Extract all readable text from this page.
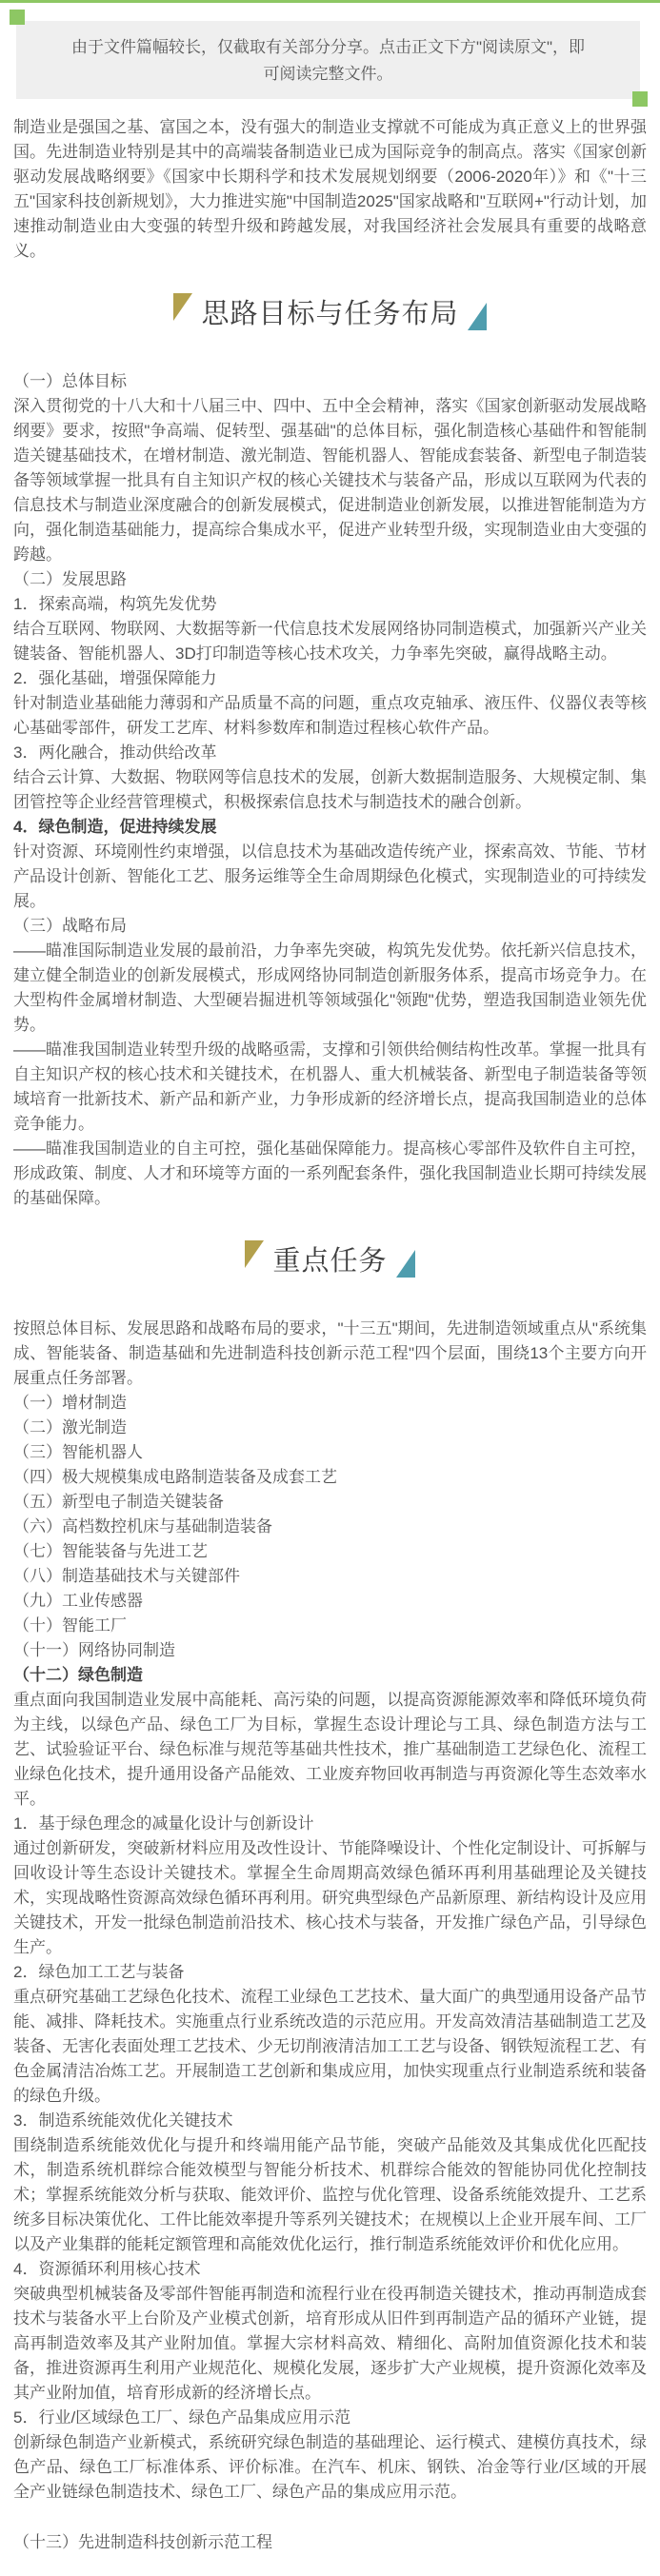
由于文件篇幅较长，仅截取有关部分分享。点击正文下方"阅读原文"，即可阅读完整文件。

制造业是强国之基、富国之本，没有强大的制造业支撑就不可能成为真正意义上的世界强国。先进制造业特别是其中的高端装备制造业已成为国际竞争的制高点。落实《国家创新驱动发展战略纲要》《国家中长期科学和技术发展规划纲要（2006-2020年）》和《"十三五"国家科技创新规划》，大力推进实施"中国制造2025"国家战略和"互联网+"行动计划，加速推动制造业由大变强的转型升级和跨越发展，对我国经济社会发展具有重要的战略意义。

思路目标与任务布局

（一）总体目标

深入贯彻党的十八大和十八届三中、四中、五中全会精神，落实《国家创新驱动发展战略纲要》要求，按照"争高端、促转型、强基础"的总体目标，强化制造核心基础件和智能制造关键基础技术，在增材制造、激光制造、智能机器人、智能成套装备、新型电子制造装备等领域掌握一批具有自主知识产权的核心关键技术与装备产品，形成以互联网为代表的信息技术与制造业深度融合的创新发展模式，促进制造业创新发展，以推进智能制造为方向，强化制造基础能力，提高综合集成水平，促进产业转型升级，实现制造业由大变强的跨越。

（二）发展思路

1．探索高端，构筑先发优势

结合互联网、物联网、大数据等新一代信息技术发展网络协同制造模式，加强新兴产业关键装备、智能机器人、3D打印制造等核心技术攻关，力争率先突破，赢得战略主动。

2．强化基础，增强保障能力

针对制造业基础能力薄弱和产品质量不高的问题，重点攻克轴承、液压件、仪器仪表等核心基础零部件，研发工艺库、材料参数库和制造过程核心软件产品。

3．两化融合，推动供给改革

结合云计算、大数据、物联网等信息技术的发展，创新大数据制造服务、大规模定制、集团管控等企业经营管理模式，积极探索信息技术与制造技术的融合创新。

4．绿色制造，促进持续发展

针对资源、环境刚性约束增强，以信息技术为基础改造传统产业，探索高效、节能、节材产品设计创新、智能化工艺、服务运维等全生命周期绿色化模式，实现制造业的可持续发展。

（三）战略布局

——瞄准国际制造业发展的最前沿，力争率先突破，构筑先发优势。依托新兴信息技术，建立健全制造业的创新发展模式，形成网络协同制造创新服务体系，提高市场竞争力。在大型构件金属增材制造、大型硬岩掘进机等领域强化"领跑"优势，塑造我国制造业领先优势。

——瞄准我国制造业转型升级的战略亟需，支撑和引领供给侧结构性改革。掌握一批具有自主知识产权的核心技术和关键技术，在机器人、重大机械装备、新型电子制造装备等领域培育一批新技术、新产品和新产业，力争形成新的经济增长点，提高我国制造业的总体竞争能力。

——瞄准我国制造业的自主可控，强化基础保障能力。提高核心零部件及软件自主可控，形成政策、制度、人才和环境等方面的一系列配套条件，强化我国制造业长期可持续发展的基础保障。

重点任务

按照总体目标、发展思路和战略布局的要求，"十三五"期间，先进制造领域重点从"系统集成、智能装备、制造基础和先进制造科技创新示范工程"四个层面，围绕13个主要方向开展重点任务部署。

（一）增材制造

（二）激光制造

（三）智能机器人

（四）极大规模集成电路制造装备及成套工艺

（五）新型电子制造关键装备

（六）高档数控机床与基础制造装备

（七）智能装备与先进工艺

（八）制造基础技术与关键部件

（九）工业传感器

（十）智能工厂

（十一）网络协同制造

（十二）绿色制造

重点面向我国制造业发展中高能耗、高污染的问题，以提高资源能源效率和降低环境负荷为主线，以绿色产品、绿色工厂为目标，掌握生态设计理论与工具、绿色制造方法与工艺、试验验证平台、绿色标准与规范等基础共性技术，推广基础制造工艺绿色化、流程工业绿色化技术，提升通用设备产品能效、工业废弃物回收再制造与再资源化等生态效率水平。

1．基于绿色理念的减量化设计与创新设计

通过创新研发，突破新材料应用及改性设计、节能降噪设计、个性化定制设计、可拆解与回收设计等生态设计关键技术。掌握全生命周期高效绿色循环再利用基础理论及关键技术，实现战略性资源高效绿色循环再利用。研究典型绿色产品新原理、新结构设计及应用关键技术，开发一批绿色制造前沿技术、核心技术与装备，开发推广绿色产品，引导绿色生产。

2．绿色加工工艺与装备

重点研究基础工艺绿色化技术、流程工业绿色工艺技术、量大面广的典型通用设备产品节能、减排、降耗技术。实施重点行业系统改造的示范应用。开发高效清洁基础制造工艺及装备、无害化表面处理工艺技术、少无切削液清洁加工工艺与设备、钢铁短流程工艺、有色金属清洁冶炼工艺。开展制造工艺创新和集成应用，加快实现重点行业制造系统和装备的绿色升级。

3．制造系统能效优化关键技术

围绕制造系统能效优化与提升和终端用能产品节能，突破产品能效及其集成优化匹配技术，制造系统机群综合能效模型与智能分析技术、机群综合能效的智能协同优化控制技术；掌握系统能效分析与获取、能效评价、监控与优化管理、设备系统能效提升、工艺系统多目标决策优化、工件比能效率提升等系列关键技术；在规模以上企业开展车间、工厂以及产业集群的能耗定额管理和高能效优化运行，推行制造系统能效评价和优化应用。

4．资源循环利用核心技术

突破典型机械装备及零部件智能再制造和流程行业在役再制造关键技术，推动再制造成套技术与装备水平上台阶及产业模式创新，培育形成从旧件到再制造产品的循环产业链，提高再制造效率及其产业附加值。掌握大宗材料高效、精细化、高附加值资源化技术和装备，推进资源再生利用产业规范化、规模化发展，逐步扩大产业规模，提升资源化效率及其产业附加值，培育形成新的经济增长点。

5．行业/区域绿色工厂、绿色产品集成应用示范

创新绿色制造产业新模式，系统研究绿色制造的基础理论、运行模式、建模仿真技术，绿色产品、绿色工厂标准体系、评价标准。在汽车、机床、钢铁、冶金等行业/区域的开展全产业链绿色制造技术、绿色工厂、绿色产品的集成应用示范。

（十三）先进制造科技创新示范工程
